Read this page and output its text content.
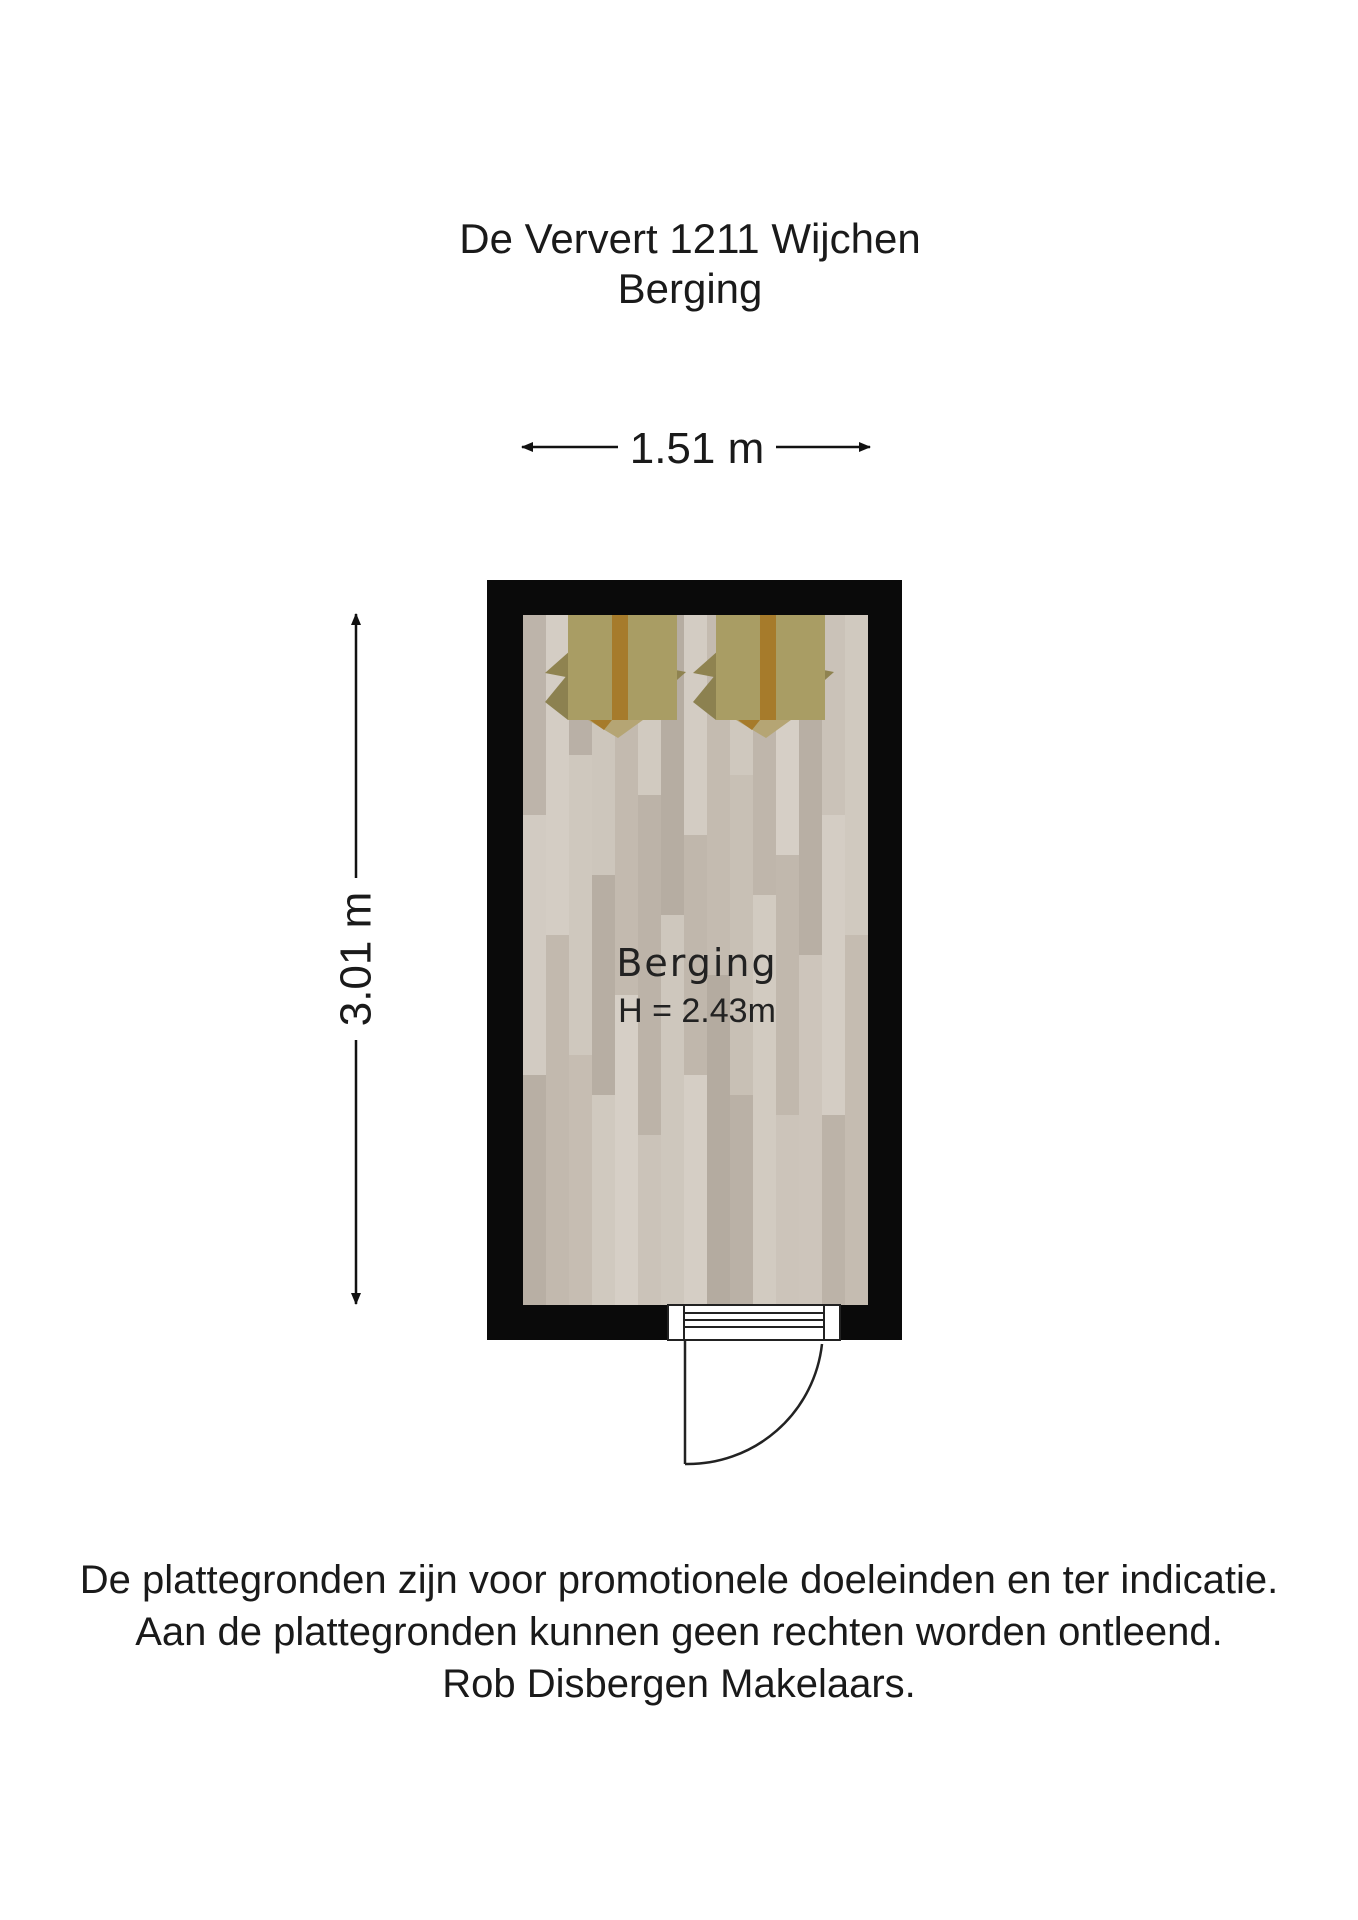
De Ververt 1211 Wijchen
Berging
1.51 m
3.01 m	Berging
H = 2.43m
De plattegronden zijn voor promotionele doeleinden en ter indicatie.
Aan de plattegronden kunnen geen rechten worden ontleend.
Rob Disbergen Makelaars.
